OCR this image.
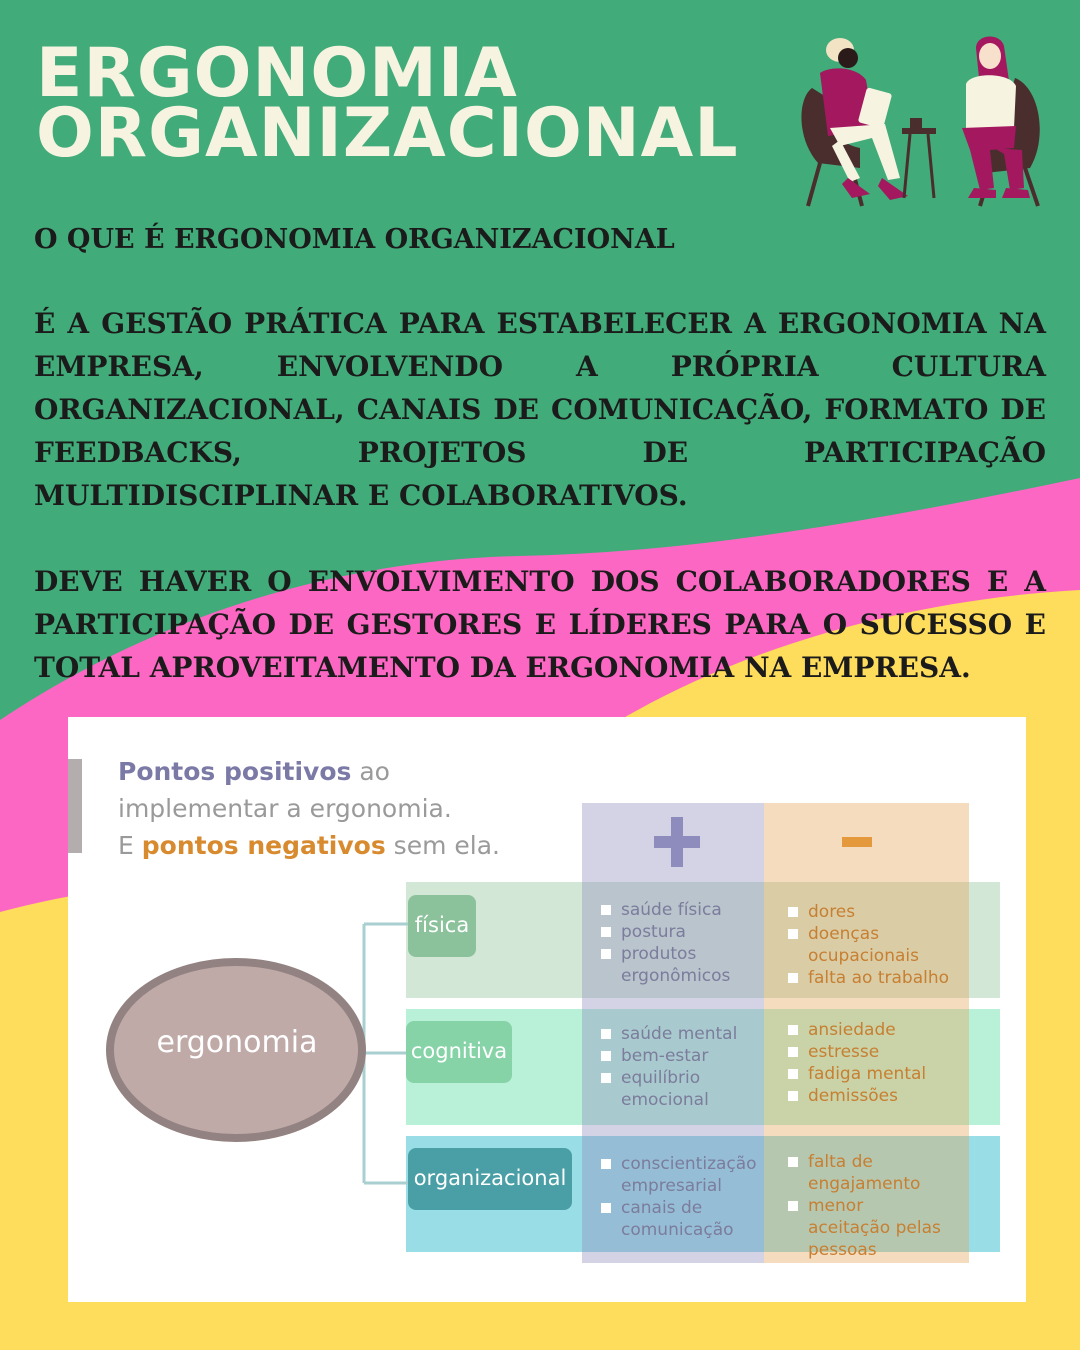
ERGONOMIA
ORGANIZACIONAL
O QUE É ERGONOMIA ORGANIZACIONAL
É A GESTÃO PRÁTICA PARA ESTABELECER A ERGONOMIA NA EMPRESA, ENVOLVENDO A PRÓPRIA CULTURA ORGANIZACIONAL, CANAIS DE COMUNICAÇÃO, FORMATO DE FEEDBACKS, PROJETOS DE PARTICIPAÇÃO MULTIDISCIPLINAR E COLABORATIVOS.
DEVE HAVER O ENVOLVIMENTO DOS COLABORADORES E A PARTICIPAÇÃO DE GESTORES E LÍDERES PARA O SUCESSO E TOTAL APROVEITAMENTO DA ERGONOMIA NA EMPRESA.
Pontos positivos ao
implementar a ergonomia.
E pontos negativos sem ela.
ergonomia
física
cognitiva
organizacional
saúde física
postura
produtos ergonômicos
dores
doenças ocupacionais
falta ao trabalho
saúde mental
bem-estar
equilíbrio emocional
ansiedade
estresse
fadiga mental
demissões
conscientização empresarial
canais de comunicação
falta de engajamento
menor aceitação pelas pessoas
